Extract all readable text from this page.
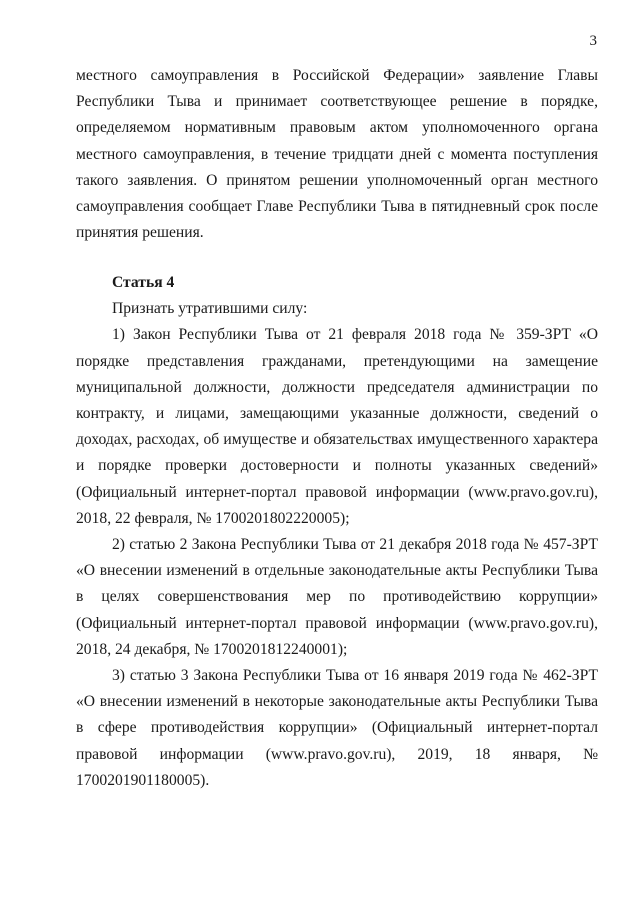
3

местного самоуправления в Российской Федерации» заявление Главы Республики Тыва и принимает соответствующее решение в порядке, определяемом нормативным правовым актом уполномоченного органа местного самоуправления, в течение тридцати дней с момента поступления такого заявления. О принятом решении уполномоченный орган местного самоуправления сообщает Главе Республики Тыва в пятидневный срок после принятия решения.

Статья 4

Признать утратившими силу:

1) Закон Республики Тыва от 21 февраля 2018 года № 359-ЗРТ «О порядке представления гражданами, претендующими на замещение муниципальной должности, должности председателя администрации по контракту, и лицами, замещающими указанные должности, сведений о доходах, расходах, об имуществе и обязательствах имущественного характера и порядке проверки достоверности и полноты указанных сведений» (Официальный интернет-портал правовой информации (www.pravo.gov.ru), 2018, 22 февраля, № 1700201802220005);

2) статью 2 Закона Республики Тыва от 21 декабря 2018 года № 457-ЗРТ «О внесении изменений в отдельные законодательные акты Республики Тыва в целях совершенствования мер по противодействию коррупции» (Официальный интернет-портал правовой информации (www.pravo.gov.ru), 2018, 24 декабря, № 1700201812240001);

3) статью 3 Закона Республики Тыва от 16 января 2019 года № 462-ЗРТ «О внесении изменений в некоторые законодательные акты Республики Тыва в сфере противодействия коррупции» (Официальный интернет-портал правовой информации (www.pravo.gov.ru), 2019, 18 января, № 1700201901180005).
